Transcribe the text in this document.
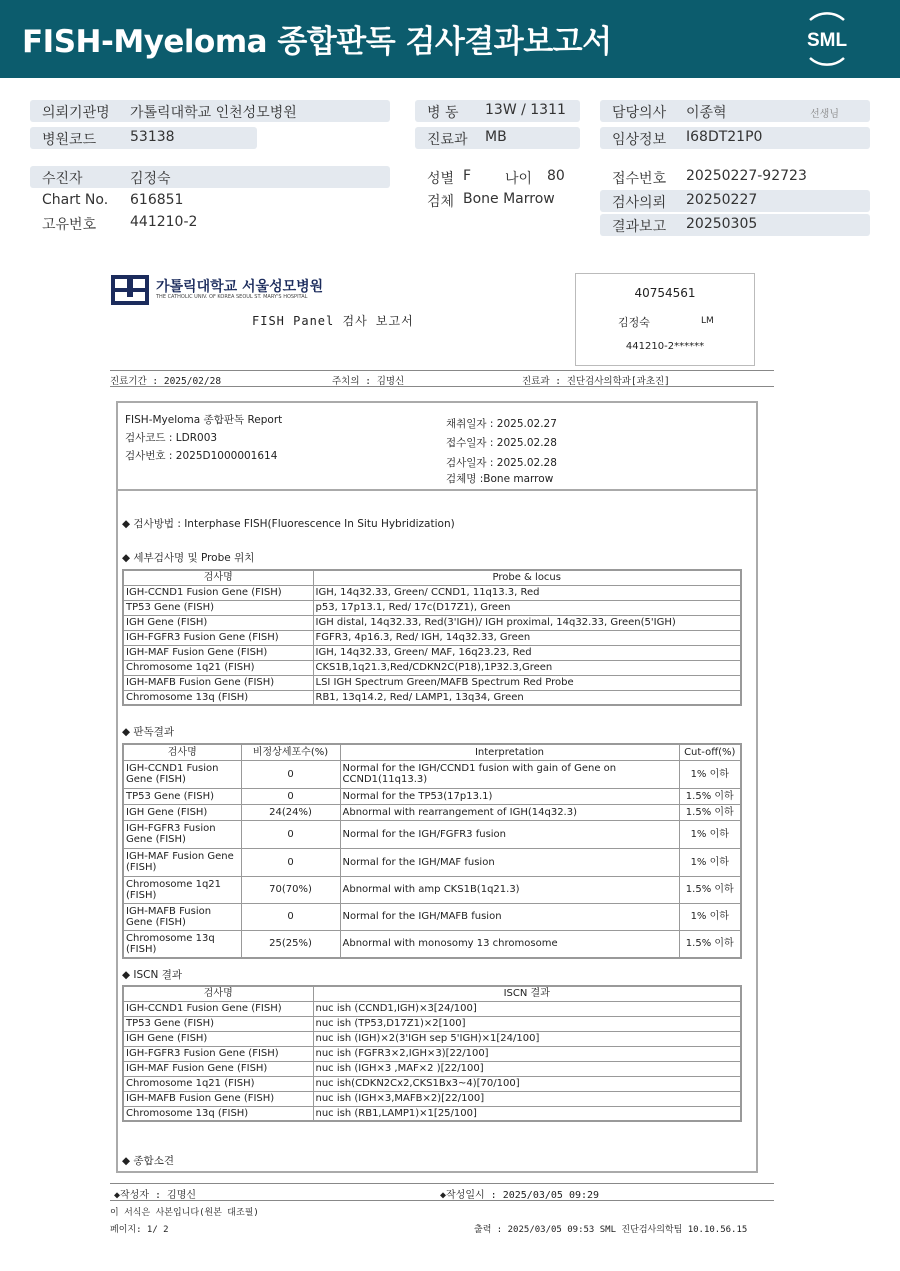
FISH-Myeloma 종합판독 검사결과보고서	SML
의뢰기관명 가톨릭대학교 인천성모병원
병원코드 53138
병 동 13W / 1311
진료과 MB
담당의사 이종혁	선생님
임상정보 I68DT21P0
수진자	김정숙
Chart No. 616851
고유번호 441210-2
성별 F 나이 80
검체 Bone Marrow
접수번호 20250227-92723
검사의뢰 20250227
결과보고 20250305
가톨릭대학교 서울성모병원
THE CATHOLIC UNIV. OF KOREA SEOUL ST. MARY'S HOSPITAL
FISH Panel 검사 보고서
40754561
김정숙	LM
441210-2******
진료기간 : 2025/02/28	주치의 : 김명신	진료과 : 진단검사의학과[과초진]
FISH-Myeloma 종합판독 Report
검사코드 : LDR003
검사번호 : 2025D1000001614
채취일자 : 2025.02.27
접수일자 : 2025.02.28
검사일자 : 2025.02.28
검체명 :Bone marrow
◆ 검사방법 : Interphase FISH(Fluorescence In Situ Hybridization)
◆ 세부검사명 및 Probe 위치
검사명	Probe & locus
IGH-CCND1 Fusion Gene (FISH)	IGH, 14q32.33, Green/ CCND1, 11q13.3, Red
TP53 Gene (FISH)	p53, 17p13.1, Red/ 17c(D17Z1), Green
IGH Gene (FISH)	IGH distal, 14q32.33, Red(3'IGH)/ IGH proximal, 14q32.33, Green(5'IGH)
IGH-FGFR3 Fusion Gene (FISH)	FGFR3, 4p16.3, Red/ IGH, 14q32.33, Green
IGH-MAF Fusion Gene (FISH)	IGH, 14q32.33, Green/ MAF, 16q23.23, Red
Chromosome 1q21 (FISH)	CKS1B,1q21.3,Red/CDKN2C(P18),1P32.3,Green
IGH-MAFB Fusion Gene (FISH)	LSI IGH Spectrum Green/MAFB Spectrum Red Probe
Chromosome 13q (FISH)	RB1, 13q14.2, Red/ LAMP1, 13q34, Green
◆ 판독결과
검사명	비정상세포수(%)	Interpretation	Cut-off(%)
IGH-CCND1 Fusion Gene (FISH)	0	Normal for the IGH/CCND1 fusion with gain of Gene on CCND1(11q13.3)	1% 이하
TP53 Gene (FISH)	0	Normal for the TP53(17p13.1)	1.5% 이하
IGH Gene (FISH)	24(24%)	Abnormal with rearrangement of IGH(14q32.3)	1.5% 이하
IGH-FGFR3 Fusion Gene (FISH)	0	Normal for the IGH/FGFR3 fusion	1% 이하
IGH-MAF Fusion Gene (FISH)	0	Normal for the IGH/MAF fusion	1% 이하
Chromosome 1q21 (FISH)	70(70%)	Abnormal with amp CKS1B(1q21.3)	1.5% 이하
IGH-MAFB Fusion Gene (FISH)	0	Normal for the IGH/MAFB fusion	1% 이하
Chromosome 13q (FISH)	25(25%)	Abnormal with monosomy 13 chromosome	1.5% 이하
◆ ISCN 결과
검사명	ISCN 결과
IGH-CCND1 Fusion Gene (FISH)	nuc ish (CCND1,IGH)×3[24/100]
TP53 Gene (FISH)	nuc ish (TP53,D17Z1)×2[100]
IGH Gene (FISH)	nuc ish (IGH)×2(3'IGH sep 5'IGH)×1[24/100]
IGH-FGFR3 Fusion Gene (FISH)	nuc ish (FGFR3×2,IGH×3)[22/100]
IGH-MAF Fusion Gene (FISH)	nuc ish (IGH×3 ,MAF×2 )[22/100]
Chromosome 1q21 (FISH)	nuc ish(CDKN2Cx2,CKS1Bx3~4)[70/100]
IGH-MAFB Fusion Gene (FISH)	nuc ish (IGH×3,MAFB×2)[22/100]
Chromosome 13q (FISH)	nuc ish (RB1,LAMP1)×1[25/100]
◆ 종합소견
◆작성자 : 김명신	◆작성일시 : 2025/03/05 09:29
이 서식은 사본입니다(원본 대조필)
페이지: 1/ 2	출력 : 2025/03/05 09:53 SML 진단검사의학팀 10.10.56.15
